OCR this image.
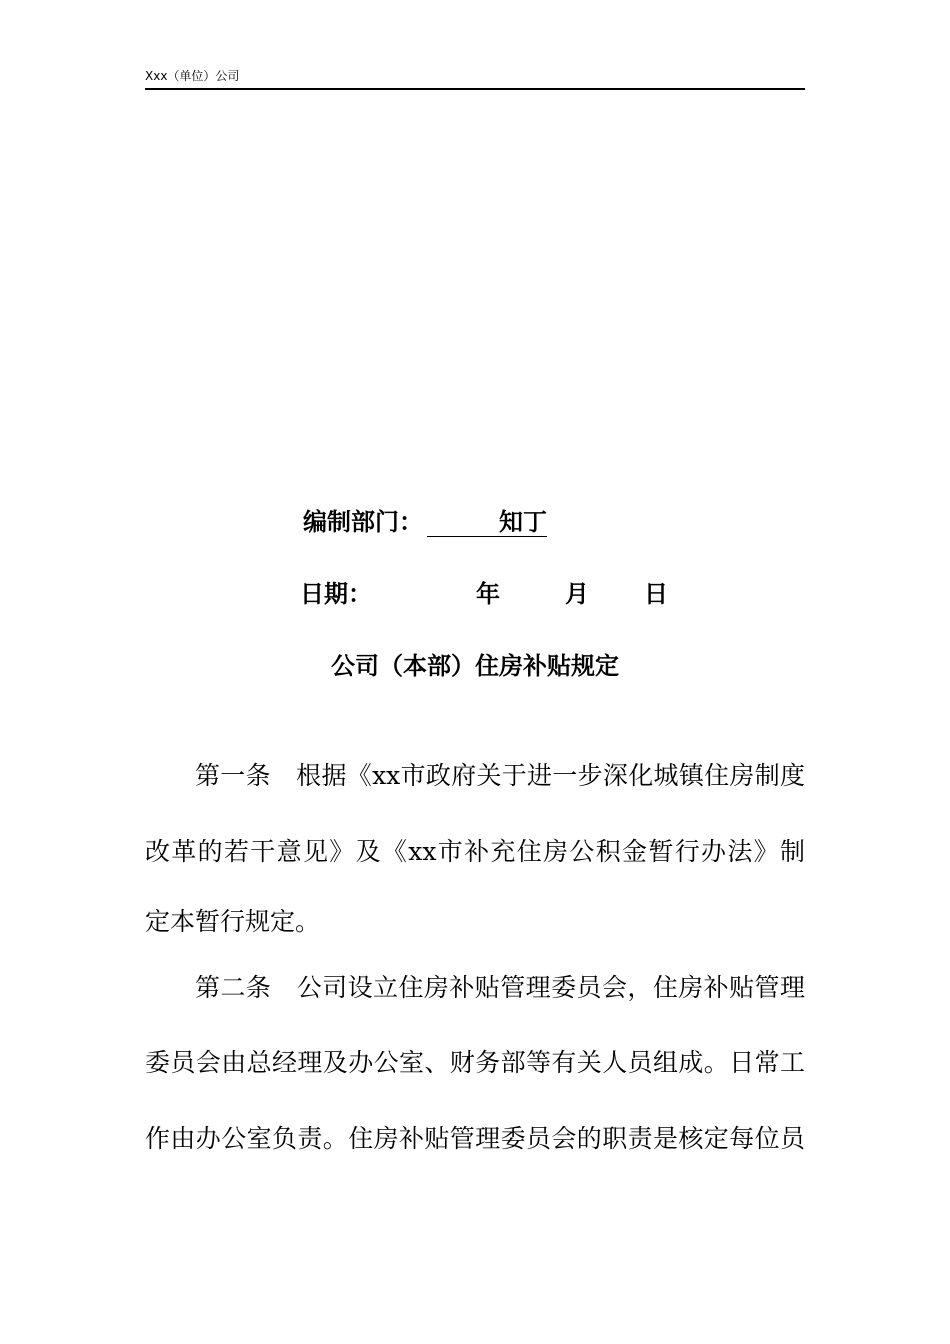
Xxx（单位）公司
编制部门：	知丁
日期：	年	月 日
公司（本部）住房补贴规定
第一条　根据《xx市政府关于进一步深化城镇住房制度
改革的若干意见》及《xx市补充住房公积金暂行办法》制
定本暂行规定。
第二条　公司设立住房补贴管理委员会，住房补贴管理
委员会由总经理及办公室、财务部等有关人员组成。日常工
作由办公室负责。住房补贴管理委员会的职责是核定每位员
